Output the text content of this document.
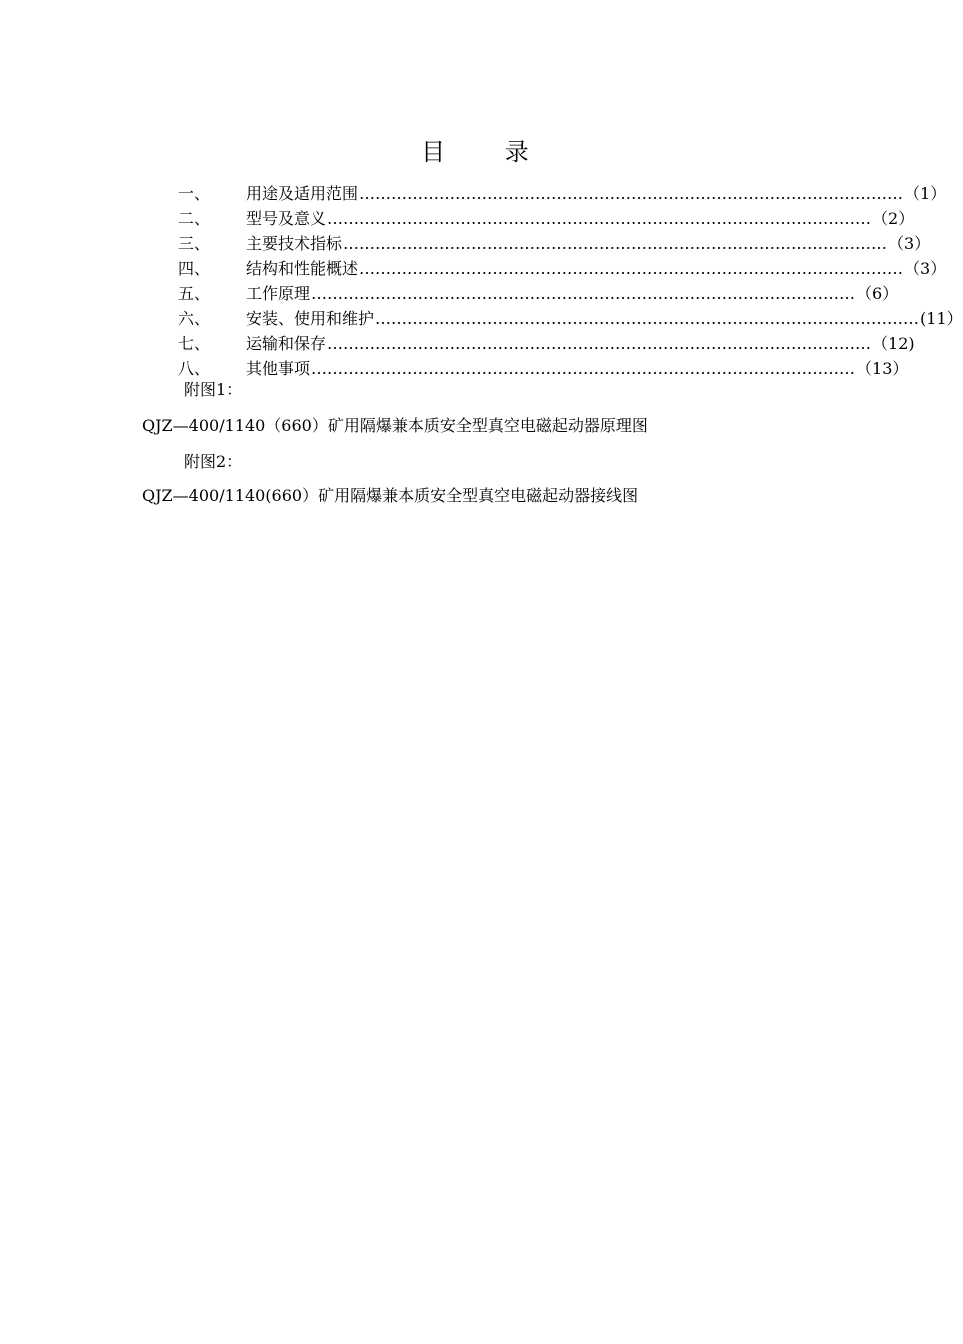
目 录
一、	用途及适用范围 ………………………………………………………………………………………… （1）
二、	型号及意义 ………………………………………………………………………………………… （2）
三、	主要技术指标 ………………………………………………………………………………………… （3）
四、	结构和性能概述 ………………………………………………………………………………………… （3）
五、	工作原理 ………………………………………………………………………………………… （6）
六、	安装、使用和维护 ………………………………………………………………………………………… (11）
七、	运输和保存 ………………………………………………………………………………………… （12)
八、	其他事项 ………………………………………………………………………………………… （13）
附图1：
QJZ—400/1140（660）矿用隔爆兼本质安全型真空电磁起动器原理图
附图2：
QJZ—400/1140(660）矿用隔爆兼本质安全型真空电磁起动器接线图
